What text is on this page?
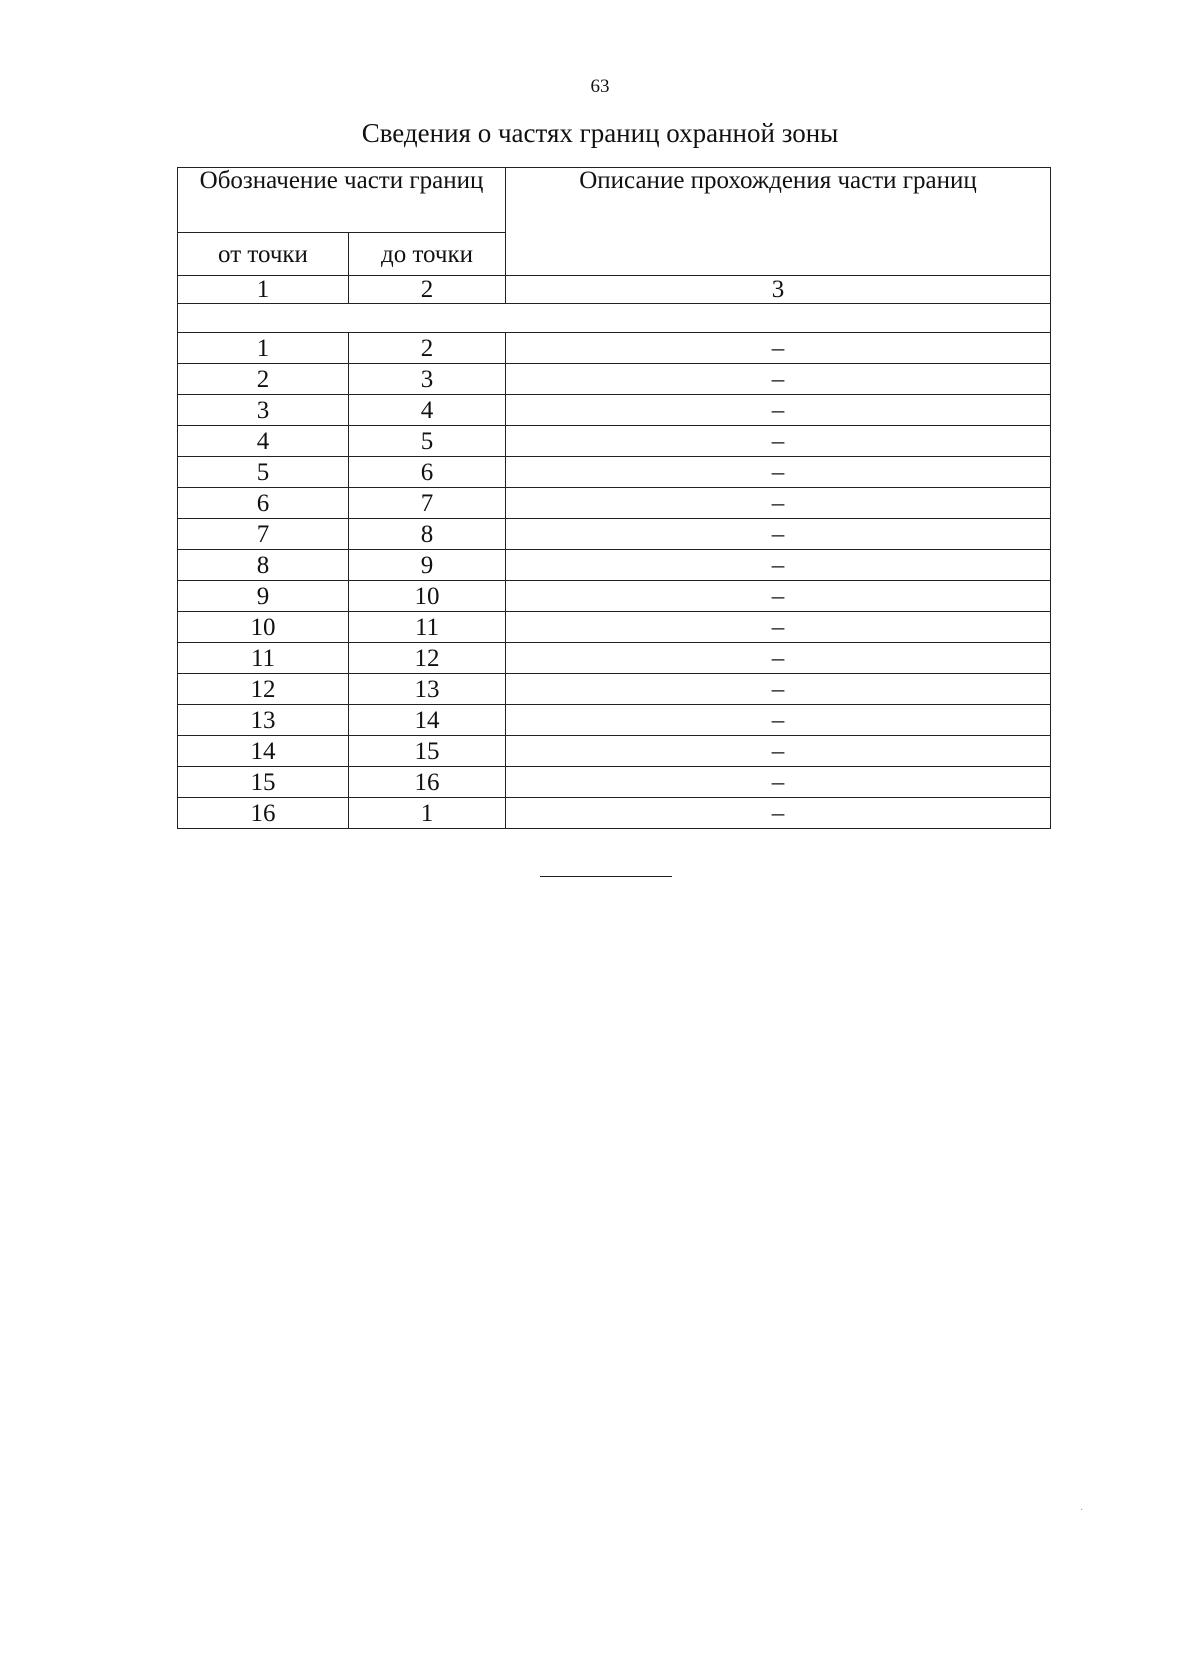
63
Сведения о частях границ охранной зоны
Обозначение части границ		Описание прохождения части границ
от точки	до точки	
1	2	3

1	2	–
2	3	–
3	4	–
4	5	–
5	6	–
6	7	–
7	8	–
8	9	–
9	10	–
10	11	–
11	12	–
12	13	–
13	14	–
14	15	–
15	16	–
16	1	–
·
